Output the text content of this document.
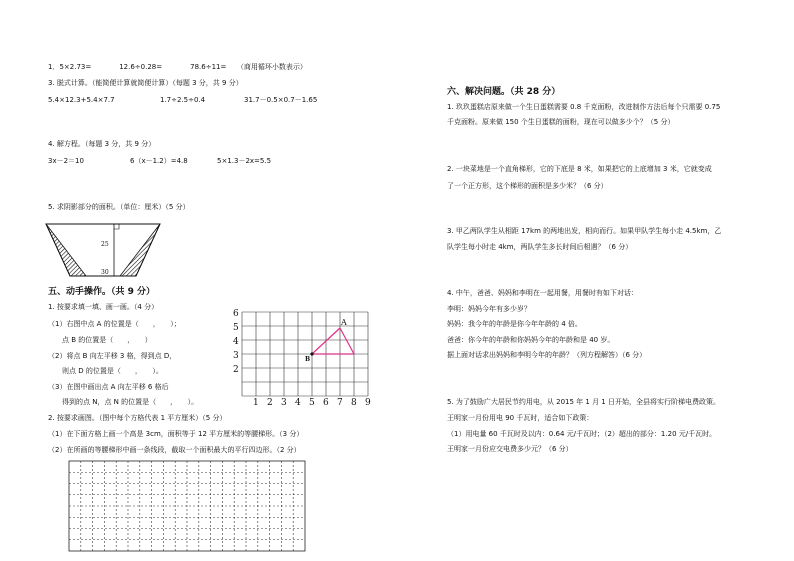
1．5×2.73=　　　　12.6÷0.28=　　　　78.6÷11=　　（商用循环小数表示）
3. 脱式计算。（能简便计算就简便计算）（每题 3 分，共 9 分）
5.4×12.3+5.4×7.7	1.7÷2.5÷0.4	31.7－0.5×0.7－1.65
4. 解方程。（每题 3 分，共 9 分）
3x－2＝10	6（x－1.2）=4.8	5×1.3－2x=5.5
5. 求阴影部分的面积。（单位：厘米）（5 分）
25
30
五、动手操作。（共 9 分）
1. 按要求填一填、画一画。（4 分）
（1）右图中点 A 的位置是（　　，　　）；
　　点 B 的位置是（　　，　　）
（2）将点 B 向左平移 3 格，得到点 D，
　　则点 D 的位置是（　　，　　）。
（3）在图中画出点 A 向左平移 6 格后
　　得到的点 N，点 N 的位置是（　　，　　）。
A
B
1 2 3 4 5 6 7 8 9
2
3
4
5
6
2. 按要求画图。（图中每个方格代表 1 平方厘米）（5 分）
（1）在下面方格上画一个高是 3cm，面积等于 12 平方厘米的等腰梯形。（3 分）
（2）在所画的等腰梯形中画一条线段，截取一个面积最大的平行四边形。（2 分）
六、解决问题。（共 28 分）
1. 玖玖蛋糕店原来做一个生日蛋糕需要 0.8 千克面粉，改进制作方法后每个只需要 0.75
千克面粉。原来做 150 个生日蛋糕的面粉，现在可以做多少个？（5 分）
2. 一块菜地是一个直角梯形，它的下底是 8 米，如果把它的上底增加 3 米，它就变成
了一个正方形，这个梯形的面积是多少米？（6 分）
3. 甲乙两队学生从相距 17km 的两地出发，相向而行。如果甲队学生每小走 4.5km，乙
队学生每小时走 4km，两队学生多长时间后相遇？（6 分）
4. 中午，爸爸、妈妈和李明在一起用餐，用餐时有如下对话：
李明：妈妈今年有多少岁？
妈妈：我今年的年龄是你今年年龄的 4 倍。
爸爸：你今年的年龄和你妈妈今年的年龄和是 40 岁。
据上面对话求出妈妈和李明今年的年龄？（列方程解答）（6 分）
5. 为了鼓励广大居民节约用电，从 2015 年 1 月 1 日开始，全县将实行阶梯电费政策。
王明家一月份用电 90 千瓦时，适合如下政策：
（1）用电量 60 千瓦时及以内：0.64 元/千瓦时；（2）超出的部分：1.20 元/千瓦时。
王明家一月份应交电费多少元？（6 分）
